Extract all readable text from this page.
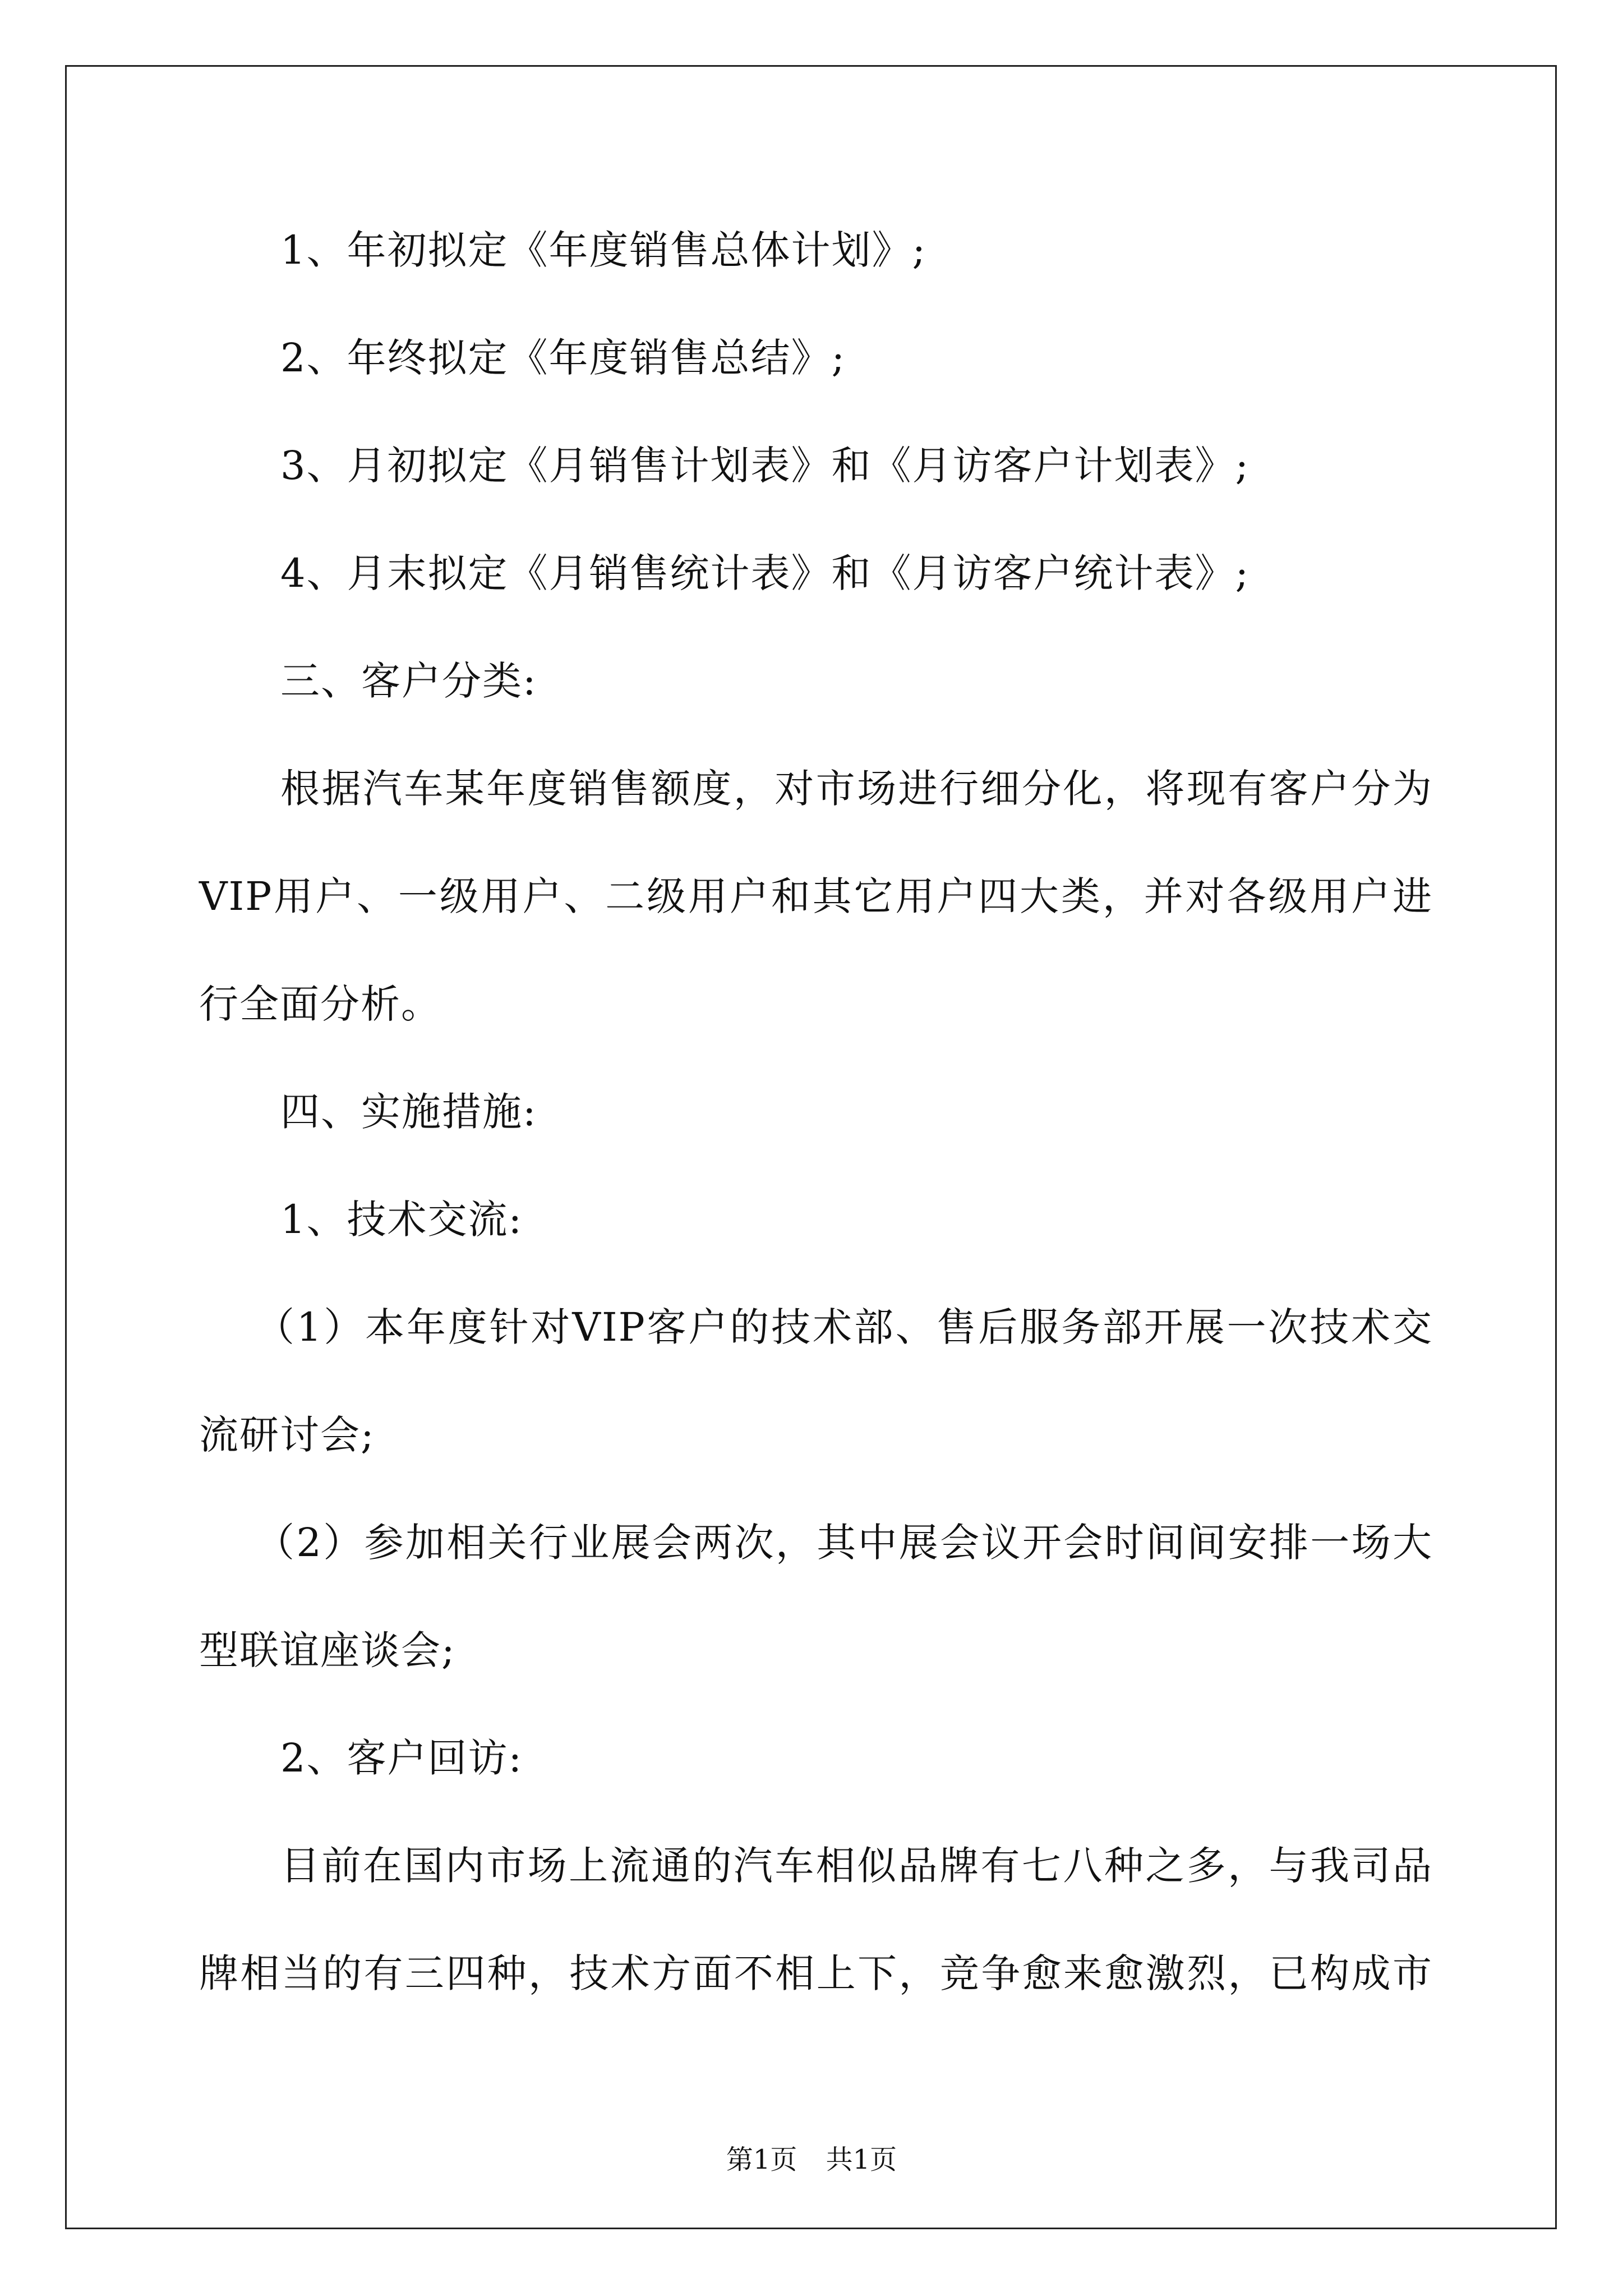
1、年初拟定《年度销售总体计划》;
2、年终拟定《年度销售总结》;
3、月初拟定《月销售计划表》和《月访客户计划表》;
4、月末拟定《月销售统计表》和《月访客户统计表》;
三、客户分类:
根据汽车某年度销售额度，对市场进行细分化，将现有客户分为
VIP用户、一级用户、二级用户和其它用户四大类，并对各级用户进
行全面分析。
四、实施措施:
1、技术交流:
（1）本年度针对VIP客户的技术部、售后服务部开展一次技术交
流研讨会;
（2）参加相关行业展会两次，其中展会议开会时间间安排一场大
型联谊座谈会;
2、客户回访:
目前在国内市场上流通的汽车相似品牌有七八种之多，与我司品
牌相当的有三四种，技术方面不相上下，竞争愈来愈激烈，已构成市
第1页 共1页
